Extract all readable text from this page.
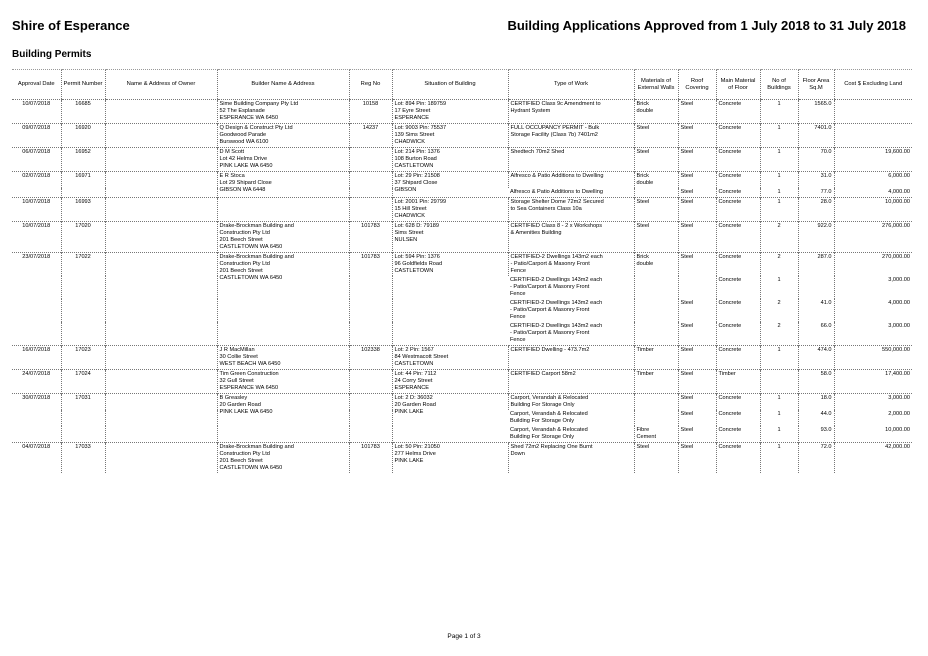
Shire of Esperance	Building Applications Approved from 1 July 2018 to 31 July 2018
Building Permits
Approval Date	Permit Number	Name & Address of Owner	Builder Name & Address	Reg No	Situation of Building	Type of Work	Materials of External Walls	Roof Covering	Main Material of Floor	No of Buildings	Floor Area Sq.M	Cost $ Excluding Land
10/07/2018	16685		Sime Building Company Pty Ltd
52 The Esplanade
ESPERANCE WA 6450	10158	Lot: 894 Pin: 189759
17 Eyre Street
ESPERANCE	CERTIFIED Class 9c Amendment to
Hydrant System	Brick
double	Steel	Concrete	1	1565.0	
09/07/2018	16920		Q Design & Construct Pty Ltd
Goodwood Parade
Burswood WA 6100	14237	Lot: 9003 Pin: 75537
139 Sims Street
CHADWICK	FULL OCCUPANCY PERMIT - Bulk
Storage Facility (Class 7b) 7401m2	Steel	Steel	Concrete	1	7401.0	
06/07/2018	16952		D M Scott
Lot 42 Helms Drive
PINK LAKE WA 6450		Lot: 214 Pin: 1376
108 Burton Road
CASTLETOWN	Shedtech 70m2 Shed	Steel	Steel	Concrete	1	70.0	19,600.00
02/07/2018	16971		E R Stoca
Lot 29 Shipard Close
GIBSON WA 6448		Lot: 29 Pin: 21508
37 Shipard Close
GIBSON	Alfresco & Patio Additions to Dwelling	Brick
double	Steel	Concrete	1	31.0	6,000.00
						Alfresco & Patio Additions to Dwelling		Steel	Concrete	1	77.0	4,000.00
10/07/2018	16993				Lot: 2001 Pin: 29799
15 Hill Street
CHADWICK	Storage Shelter Dome 72m2 Secured
to Sea Containers Class 10a	Steel	Steel	Concrete	1	28.0	10,000.00
10/07/2018	17020		Drake-Brockman Building and
Construction Pty Ltd
201 Beech Street
CASTLETOWN WA 6450	101783	Lot: 628 D: 79189
Sims Street
NULSEN	CERTIFIED Class 8 - 2 x Workshops
& Amenities Building	Steel	Steel	Concrete	2	922.0	276,000.00
23/07/2018	17022		Drake-Brockman Building and
Construction Pty Ltd
201 Beech Street
CASTLETOWN WA 6450	101783	Lot: 594 Pin: 1376
96 Goldfields Road
CASTLETOWN	CERTIFIED-2 Dwellings 143m2 each
- Patio/Carport & Masonry Front
Fence	Brick
double	Steel	Concrete	2	287.0	270,000.00
						CERTIFIED-2 Dwellings 143m2 each
- Patio/Carport & Masonry Front
Fence			Concrete	1		3,000.00
						CERTIFIED-2 Dwellings 143m2 each
- Patio/Carport & Masonry Front
Fence		Steel	Concrete	2	41.0	4,000.00
						CERTIFIED-2 Dwellings 143m2 each
- Patio/Carport & Masonry Front
Fence		Steel	Concrete	2	66.0	3,000.00
16/07/2018	17023		J R MacMillan
30 Collie Street
WEST BEACH WA 6450	102338	Lot: 2 Pin: 1567
84 Westmacott Street
CASTLETOWN	CERTIFIED Dwelling - 473.7m2	Timber	Steel	Concrete	1	474.0	550,000.00
24/07/2018	17024		Tim Green Construction
32 Gull Street
ESPERANCE WA 6450		Lot: 44 Pin: 7112
24 Corry Street
ESPERANCE	CERTIFIED Carport 58m2	Timber	Steel	Timber		58.0	17,400.00
30/07/2018	17031		B Greasley
20 Garden Road
PINK LAKE WA 6450		Lot: 2 D: 36032
20 Garden Road
PINK LAKE	Carport, Verandah & Relocated
Building For Storage Only		Steel	Concrete	1	18.0	3,000.00
						Carport, Verandah & Relocated
Building For Storage Only		Steel	Concrete	1	44.0	2,000.00
						Carport, Verandah & Relocated
Building For Storage Only	Fibre
Cement	Steel	Concrete	1	93.0	10,000.00
04/07/2018	17033		Drake-Brockman Building and
Construction Pty Ltd
201 Beech Street
CASTLETOWN WA 6450	101783	Lot: 50 Pin: 21050
277 Helms Drive
PINK LAKE	Shed 72m2 Replacing One Burnt
Down	Steel	Steel	Concrete	1	72.0	42,000.00
Page 1 of 3
